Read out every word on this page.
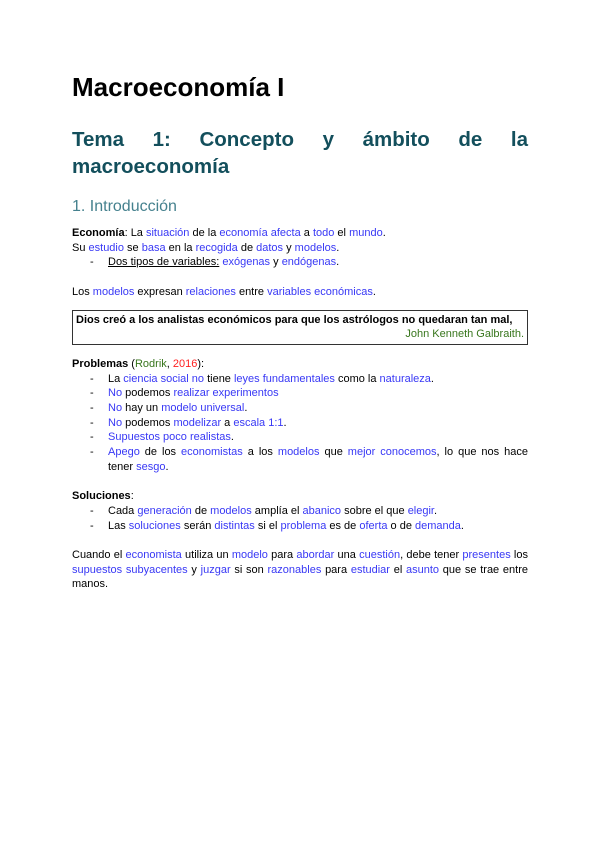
Macroeconomía I
Tema 1: Concepto y ámbito de la macroeconomía
1. Introducción

Economía: La situación de la economía afecta a todo el mundo.

Su estudio se basa en la recogida de datos y modelos.

- Dos tipos de variables: exógenas y endógenas.

Los modelos expresan relaciones entre variables económicas.

Dios creó a los analistas económicos para que los astrólogos no quedaran tan mal,
John Kenneth Galbraith.

Problemas (Rodrik, 2016):

- La ciencia social no tiene leyes fundamentales como la naturaleza.
- No podemos realizar experimentos
- No hay un modelo universal.
- No podemos modelizar a escala 1:1.
- Supuestos poco realistas.
- Apego de los economistas a los modelos que mejor conocemos, lo que nos hace tener sesgo.

Soluciones:

- Cada generación de modelos amplía el abanico sobre el que elegir.
- Las soluciones serán distintas si el problema es de oferta o de demanda.

Cuando el economista utiliza un modelo para abordar una cuestión, debe tener presentes los supuestos subyacentes y juzgar si son razonables para estudiar el asunto que se trae entre manos.
